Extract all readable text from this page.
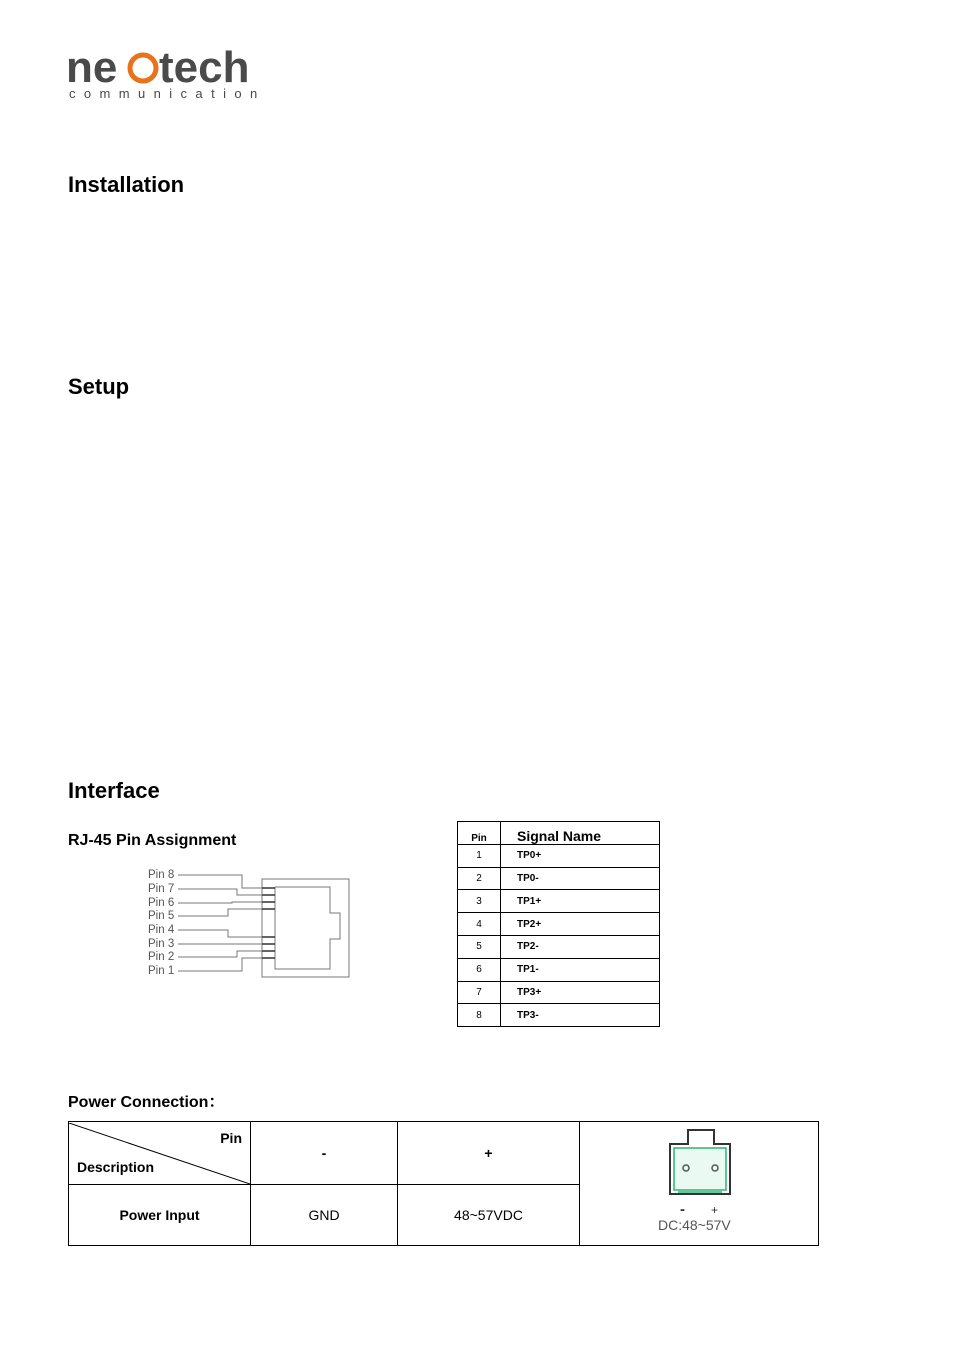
ne tech
communications
Installation
Setup
Interface
RJ-45 Pin Assignment
Pin 8
Pin 7
Pin 6
Pin 5
Pin 4
Pin 3
Pin 2
Pin 1
Pin	Signal Name
1	TP0+
2	TP0-
3	TP1+
4	TP2+
5	TP2-
6	TP1-
7	TP3+
8	TP3-
Power Connection：
Pin
Description	-	+	- +
DC:48~57V

Power Input	GND	48~57VDC	
